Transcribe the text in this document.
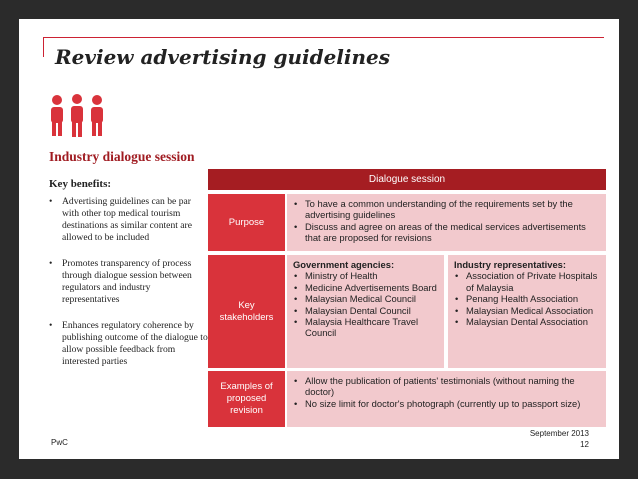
Review advertising guidelines
Industry dialogue session
Key benefits:
• Advertising guidelines can be par with other top medical tourism destinations as similar content are allowed to be included
• Promotes transparency of process through dialogue session between regulators and industry representatives
• Enhances regulatory coherence by publishing outcome of the dialogue to allow possible feedback from interested parties
Dialogue session
Purpose
• To have a common understanding of the requirements set by the advertising guidelines
• Discuss and agree on areas of the medical services advertisements that are proposed for revisions
Key stakeholders
Government agencies:
• Ministry of Health
• Medicine Advertisements Board
• Malaysian Medical Council
• Malaysian Dental Council
• Malaysia Healthcare Travel Council
Industry representatives:
• Association of Private Hospitals of Malaysia
• Penang Health Association
• Malaysian Medical Association
• Malaysian Dental Association
Examples of proposed revision
• Allow the publication of patients' testimonials (without naming the doctor)
• No size limit for doctor's photograph (currently up to passport size)
PwC
September 2013
12
